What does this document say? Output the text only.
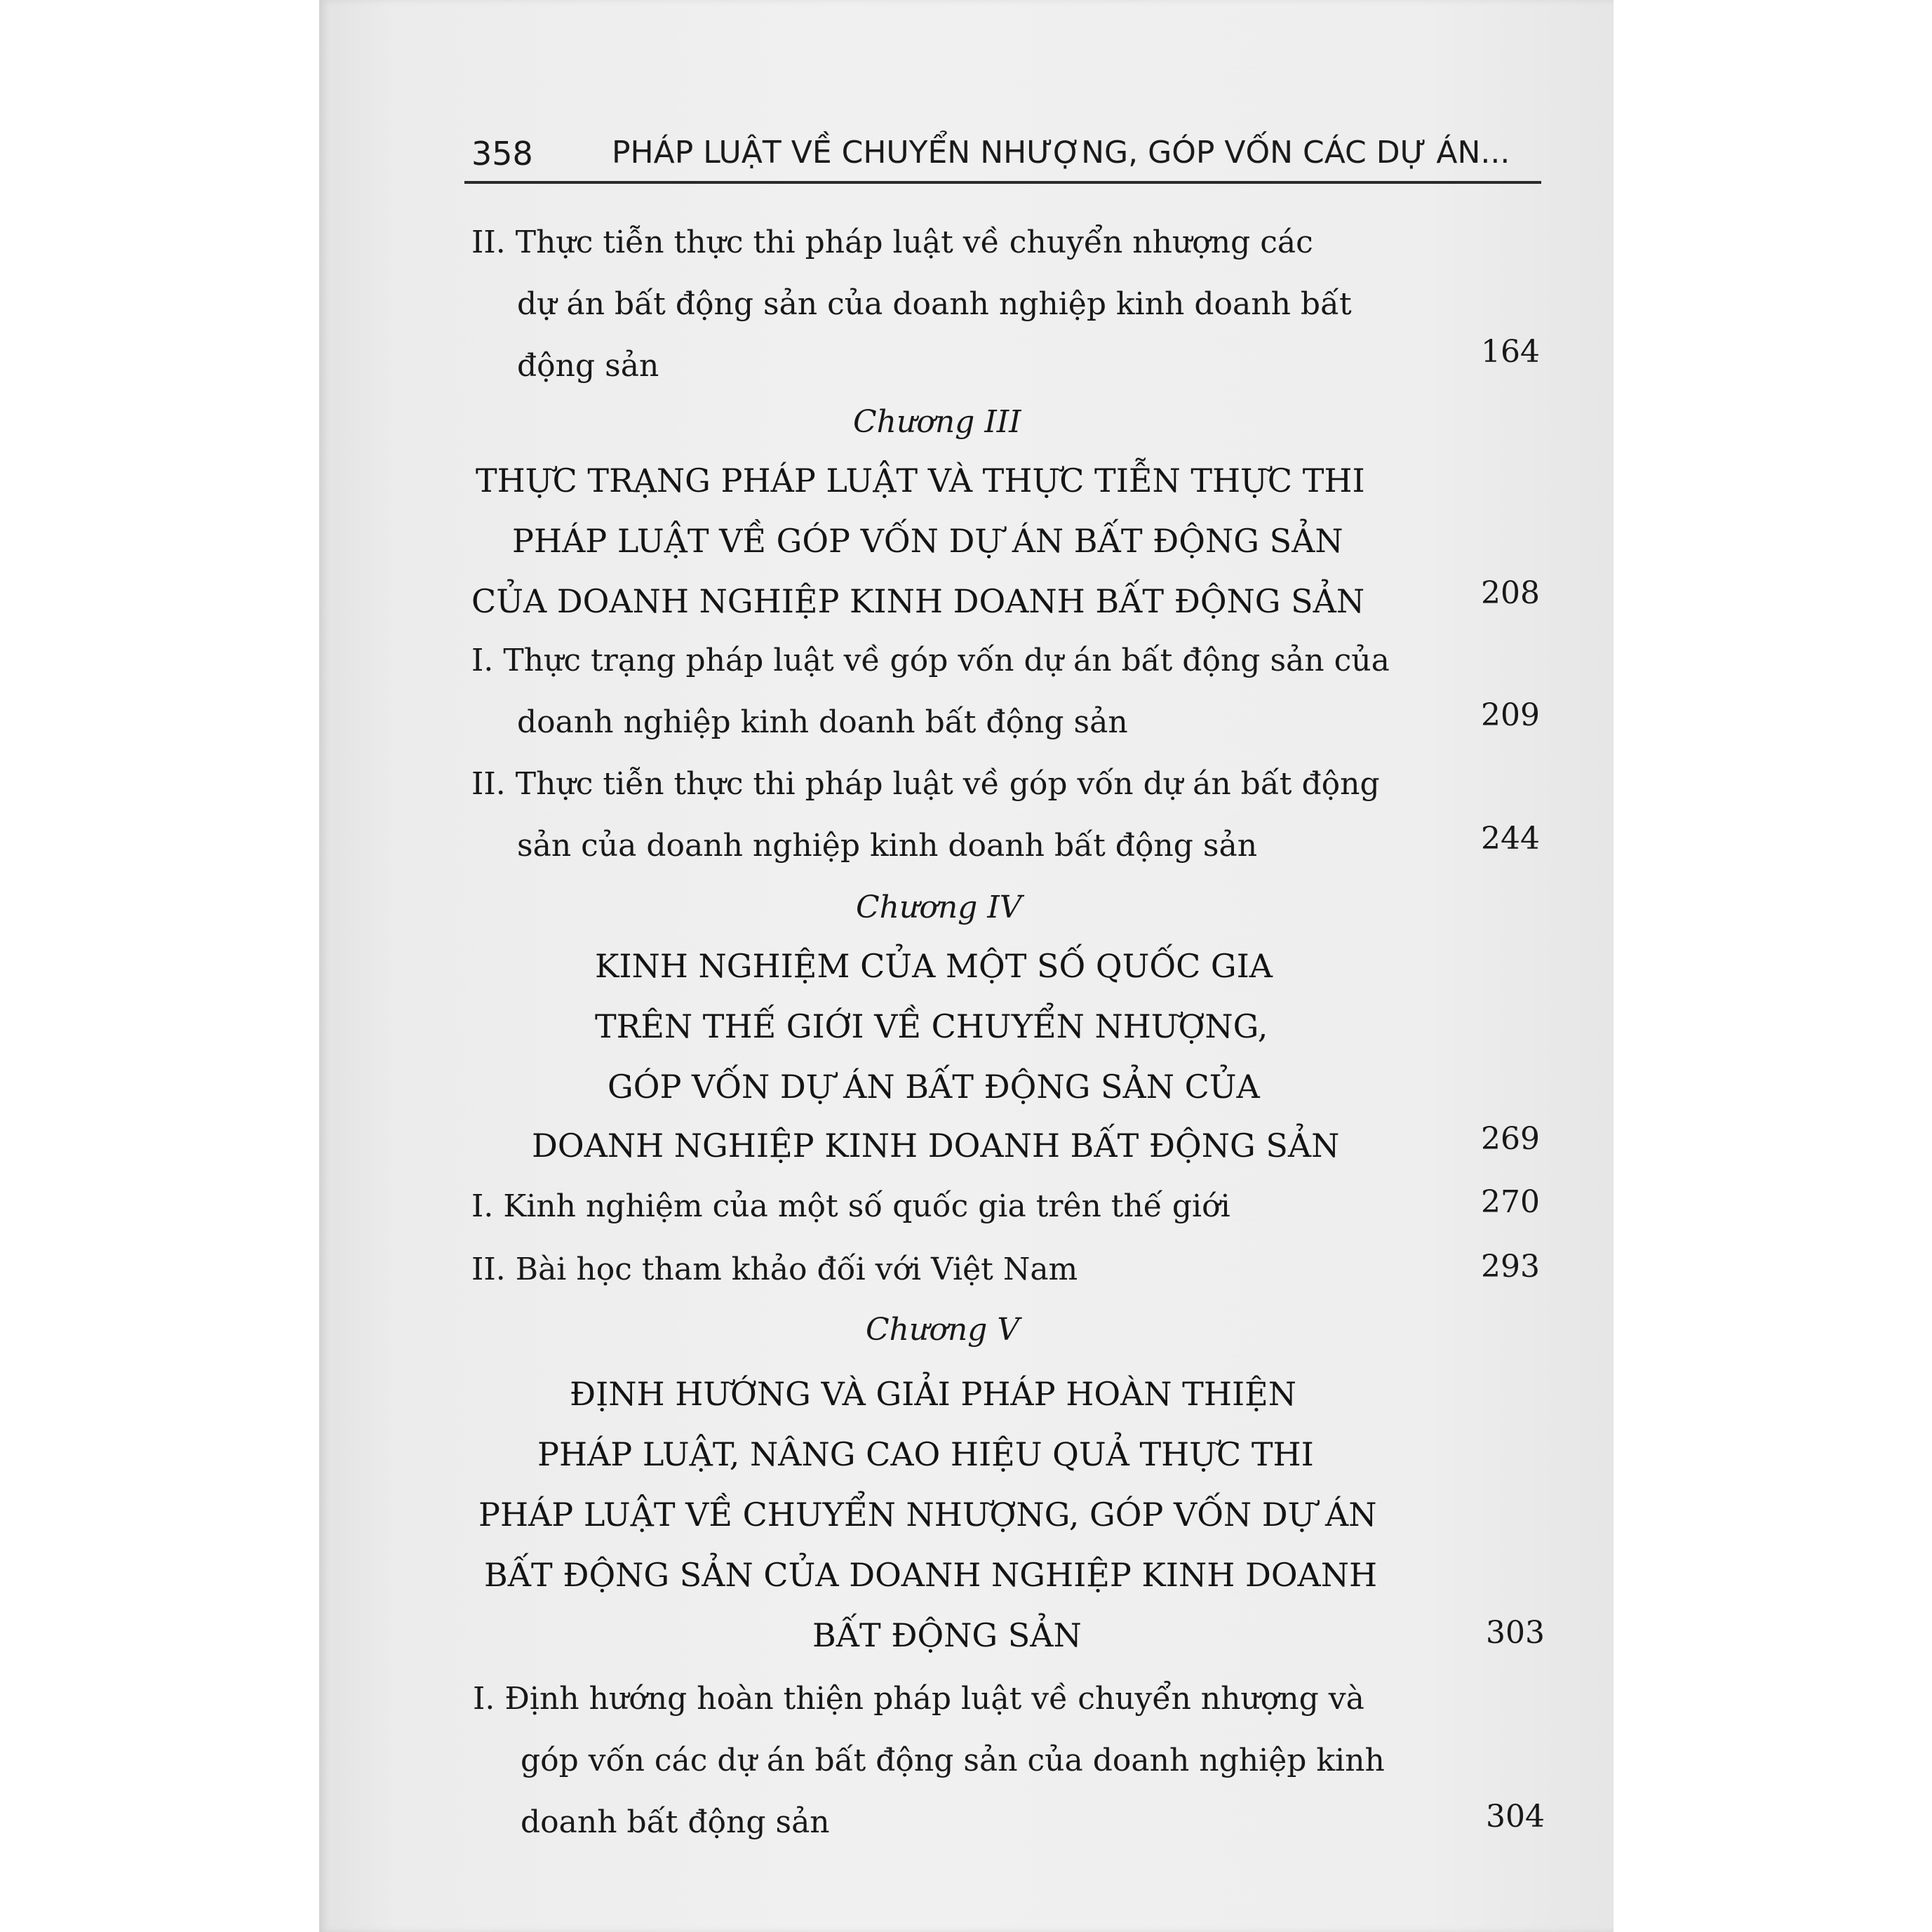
358	PHÁP LUẬT VỀ CHUYỂN NHƯỢNG, GÓP VỐN CÁC DỰ ÁN...
II. Thực tiễn thực thi pháp luật về chuyển nhượng các
dự án bất động sản của doanh nghiệp kinh doanh bất
động sản	164
Chương III
THỰC TRẠNG PHÁP LUẬT VÀ THỰC TIỄN THỰC THI
PHÁP LUẬT VỀ GÓP VỐN DỰ ÁN BẤT ĐỘNG SẢN
CỦA DOANH NGHIỆP KINH DOANH BẤT ĐỘNG SẢN	208
I. Thực trạng pháp luật về góp vốn dự án bất động sản của
doanh nghiệp kinh doanh bất động sản	209
II. Thực tiễn thực thi pháp luật về góp vốn dự án bất động
sản của doanh nghiệp kinh doanh bất động sản	244
Chương IV
KINH NGHIỆM CỦA MỘT SỐ QUỐC GIA
TRÊN THẾ GIỚI VỀ CHUYỂN NHƯỢNG,
GÓP VỐN DỰ ÁN BẤT ĐỘNG SẢN CỦA
DOANH NGHIỆP KINH DOANH BẤT ĐỘNG SẢN	269
I. Kinh nghiệm của một số quốc gia trên thế giới	270
II. Bài học tham khảo đối với Việt Nam	293
Chương V
ĐỊNH HƯỚNG VÀ GIẢI PHÁP HOÀN THIỆN
PHÁP LUẬT, NÂNG CAO HIỆU QUẢ THỰC THI
PHÁP LUẬT VỀ CHUYỂN NHƯỢNG, GÓP VỐN DỰ ÁN
BẤT ĐỘNG SẢN CỦA DOANH NGHIỆP KINH DOANH
BẤT ĐỘNG SẢN	303
I. Định hướng hoàn thiện pháp luật về chuyển nhượng và
góp vốn các dự án bất động sản của doanh nghiệp kinh
doanh bất động sản	304
